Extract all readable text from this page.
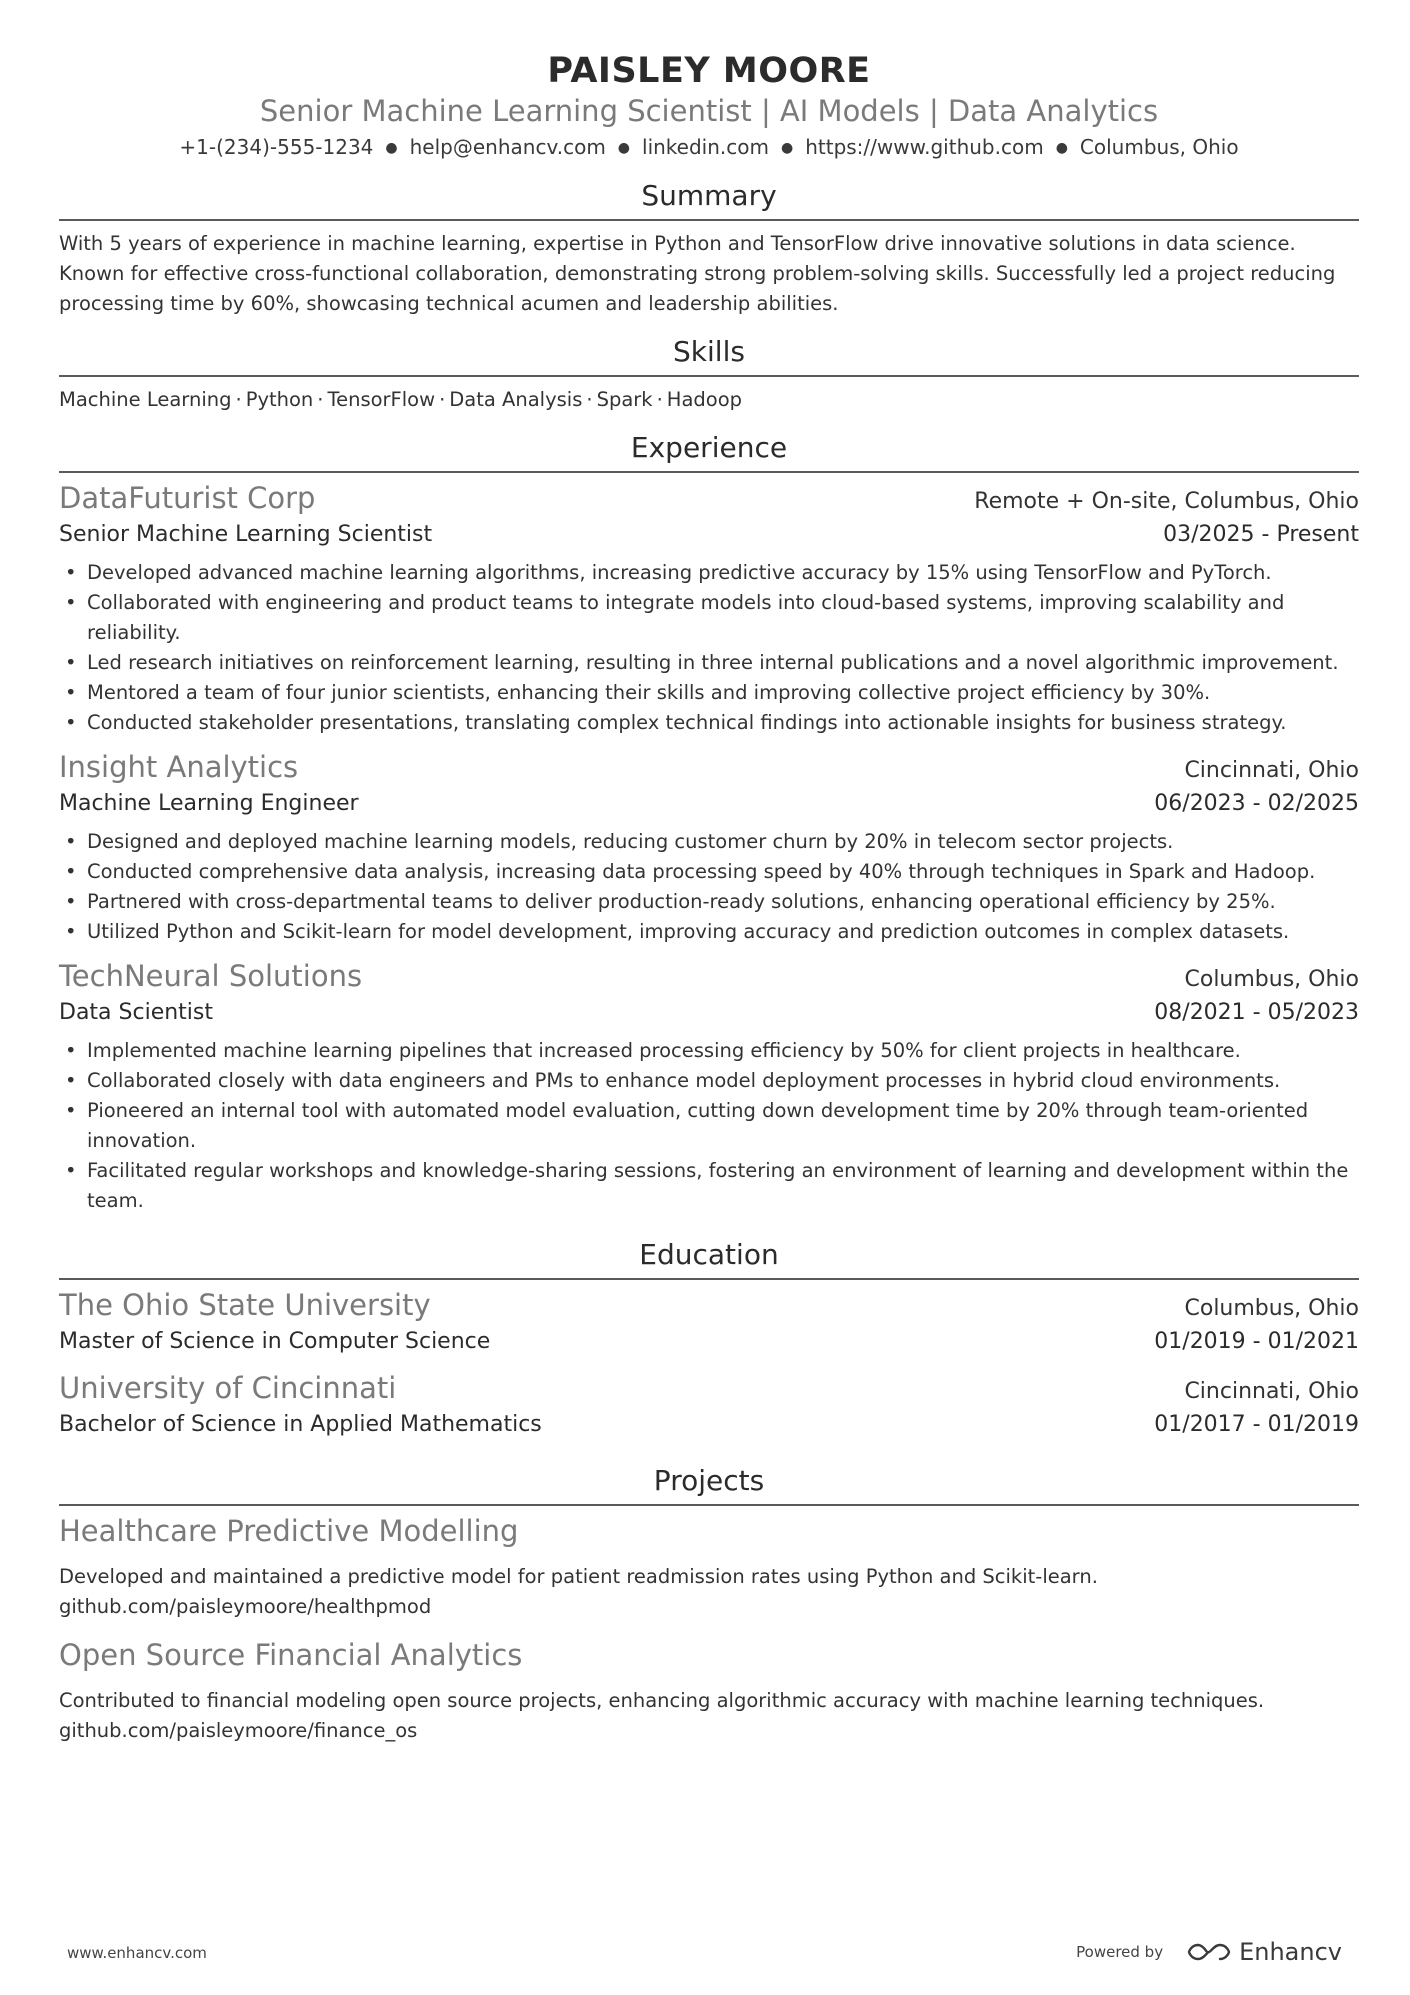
PAISLEY MOORE
Senior Machine Learning Scientist | AI Models | Data Analytics
+1-(234)-555-1234 ● help@enhancv.com ● linkedin.com ● https://www.github.com ● Columbus, Ohio
Summary
With 5 years of experience in machine learning, expertise in Python and TensorFlow drive innovative solutions in data science. Known for effective cross-functional collaboration, demonstrating strong problem-solving skills. Successfully led a project reducing processing time by 60%, showcasing technical acumen and leadership abilities.
Skills
Machine Learning · Python · TensorFlow · Data Analysis · Spark · Hadoop
Experience
DataFuturist Corp	Remote + On-site, Columbus, Ohio
Senior Machine Learning Scientist	03/2025 - Present
• Developed advanced machine learning algorithms, increasing predictive accuracy by 15% using TensorFlow and PyTorch.
• Collaborated with engineering and product teams to integrate models into cloud-based systems, improving scalability and reliability.
• Led research initiatives on reinforcement learning, resulting in three internal publications and a novel algorithmic improvement.
• Mentored a team of four junior scientists, enhancing their skills and improving collective project efficiency by 30%.
• Conducted stakeholder presentations, translating complex technical findings into actionable insights for business strategy.
Insight Analytics	Cincinnati, Ohio
Machine Learning Engineer	06/2023 - 02/2025
• Designed and deployed machine learning models, reducing customer churn by 20% in telecom sector projects.
• Conducted comprehensive data analysis, increasing data processing speed by 40% through techniques in Spark and Hadoop.
• Partnered with cross-departmental teams to deliver production-ready solutions, enhancing operational efficiency by 25%.
• Utilized Python and Scikit-learn for model development, improving accuracy and prediction outcomes in complex datasets.
TechNeural Solutions	Columbus, Ohio
Data Scientist	08/2021 - 05/2023
• Implemented machine learning pipelines that increased processing efficiency by 50% for client projects in healthcare.
• Collaborated closely with data engineers and PMs to enhance model deployment processes in hybrid cloud environments.
• Pioneered an internal tool with automated model evaluation, cutting down development time by 20% through team-oriented innovation.
• Facilitated regular workshops and knowledge-sharing sessions, fostering an environment of learning and development within the team.
Education
The Ohio State University	Columbus, Ohio
Master of Science in Computer Science	01/2019 - 01/2021
University of Cincinnati	Cincinnati, Ohio
Bachelor of Science in Applied Mathematics	01/2017 - 01/2019
Projects
Healthcare Predictive Modelling
Developed and maintained a predictive model for patient readmission rates using Python and Scikit-learn.
github.com/paisleymoore/healthpmod
Open Source Financial Analytics
Contributed to financial modeling open source projects, enhancing algorithmic accuracy with machine learning techniques.
github.com/paisleymoore/finance_os
www.enhancv.com	Powered by	Enhancv
